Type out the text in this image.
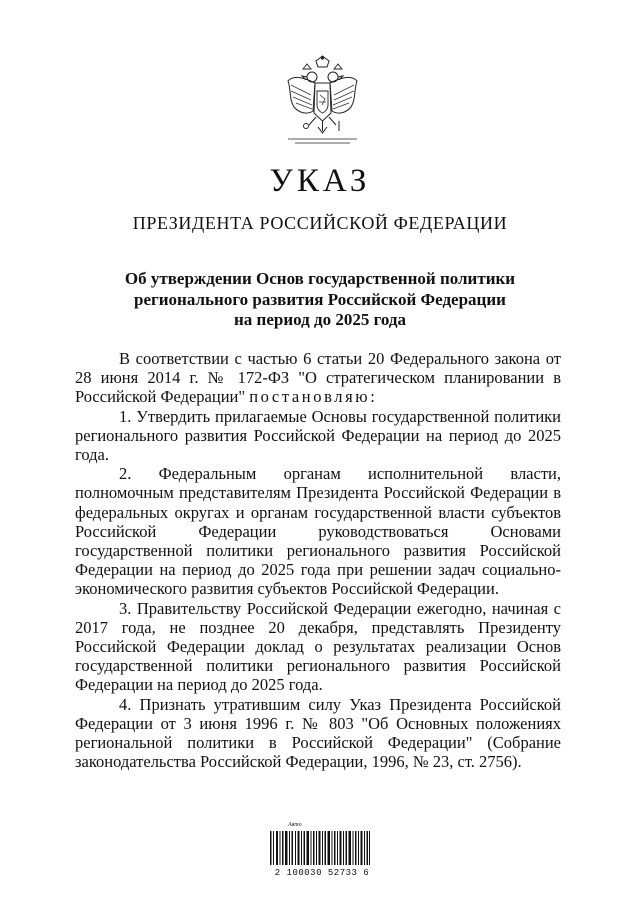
УКАЗ
ПРЕЗИДЕНТА РОССИЙСКОЙ ФЕДЕРАЦИИ
Об утверждении Основ государственной политики
регионального развития Российской Федерации
на период до 2025 года

В соответствии с частью 6 статьи 20 Федерального закона от 28 июня 2014 г. № 172-ФЗ "О стратегическом планировании в Российской Федерации" постановляю:

1. Утвердить прилагаемые Основы государственной политики регионального развития Российской Федерации на период до 2025 года.

2. Федеральным органам исполнительной власти, полномочным представителям Президента Российской Федерации в федеральных округах и органам государственной власти субъектов Российской Федерации руководствоваться Основами государственной политики регионального развития Российской Федерации на период до 2025 года при решении задач социально-экономического развития субъектов Российской Федерации.

3. Правительству Российской Федерации ежегодно, начиная с 2017 года, не позднее 20 декабря, представлять Президенту Российской Федерации доклад о результатах реализации Основ государственной политики регионального развития Российской Федерации на период до 2025 года.

4. Признать утратившим силу Указ Президента Российской Федерации от 3 июня 1996 г. № 803 "Об Основных положениях региональной политики в Российской Федерации" (Собрание законодательства Российской Федерации, 1996, № 23, ст. 2756).

Авто
2 100030 52733 6
